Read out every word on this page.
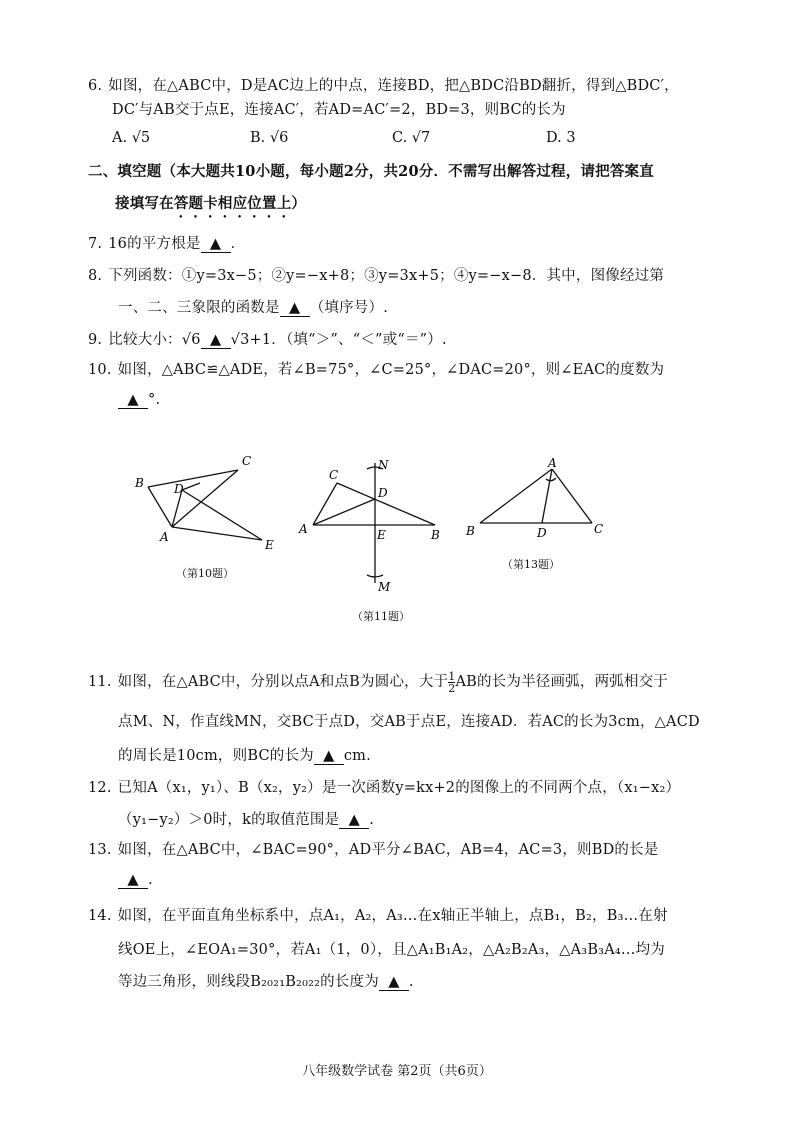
6. 如图，在△ABC中，D是AC边上的中点，连接BD，把△BDC沿BD翻折，得到△BDC′，
DC′与AB交于点E，连接AC′，若AD=AC′=2，BD=3，则BC的长为
A. √5	B. √6	C. √7	D. 3
二、填空题（本大题共10小题，每小题2分，共20分．不需写出解答过程，请把答案直
接填写在答题卡相应位置上）
7. 16的平方根是 ▲ ．
8. 下列函数：①y=3x−5；②y=−x+8；③y=3x+5；④y=−x−8．其中，图像经过第
一、二、三象限的函数是 ▲ （填序号）.
9. 比较大小：√6 ▲ √3+1．（填“＞”、“＜”或“＝”）.
10. 如图，△ABC≌△ADE，若∠B=75°，∠C=25°，∠DAC=20°，则∠EAC的度数为
▲ °.
B
C
D
A
E
（第10题）
C
N
D
A	E	B
M
（第11题）
A
B	D	C
（第13题）
11. 如图，在△ABC中，分别以点A和点B为圆心，大于 $\frac{1}{2}$ AB的长为半径画弧，两弧相交于
点M、N，作直线MN，交BC于点D，交AB于点E，连接AD．若AC的长为3cm，△ACD
的周长是10cm，则BC的长为 ▲ cm.
12. 已知A（x₁，y₁）、B（x₂，y₂）是一次函数y=kx+2的图像上的不同两个点，（x₁−x₂）
（y₁−y₂）＞0时，k的取值范围是 ▲ .
13. 如图，在△ABC中，∠BAC=90°，AD平分∠BAC，AB=4，AC=3，则BD的长是
▲ .
14. 如图，在平面直角坐标系中，点A₁，A₂，A₃…在x轴正半轴上，点B₁，B₂，B₃…在射
线OE上，∠EOA₁=30°，若A₁（1，0），且△A₁B₁A₂，△A₂B₂A₃，△A₃B₃A₄…均为
等边三角形，则线段B₂₀₂₁B₂₀₂₂的长度为 ▲ .
八年级数学试卷 第2页（共6页）
